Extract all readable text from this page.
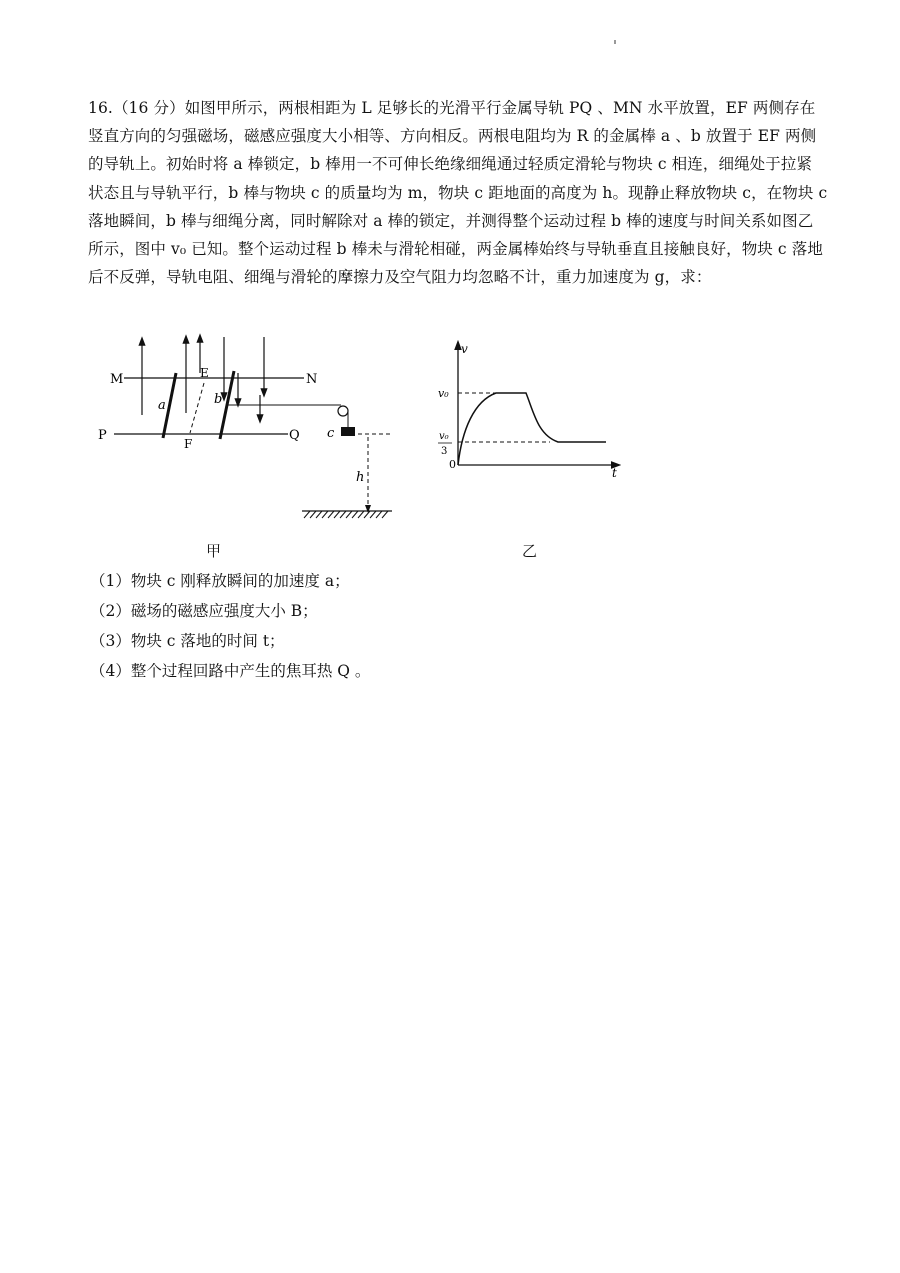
16.（16 分）如图甲所示，两根相距为 L 足够长的光滑平行金属导轨 PQ 、MN 水平放置，EF 两侧存在
竖直方向的匀强磁场，磁感应强度大小相等、方向相反。两根电阻均为 R 的金属棒 a 、b 放置于 EF 两侧
的导轨上。初始时将 a 棒锁定，b 棒用一不可伸长绝缘细绳通过轻质定滑轮与物块 c 相连，细绳处于拉紧
状态且与导轨平行，b 棒与物块 c 的质量均为 m，物块 c 距地面的高度为 h。现静止释放物块 c，在物块 c
落地瞬间，b 棒与细绳分离，同时解除对 a 棒的锁定，并测得整个运动过程 b 棒的速度与时间关系如图乙
所示，图中 v₀ 已知。整个运动过程 b 棒未与滑轮相碰，两金属棒始终与导轨垂直且接触良好，物块 c 落地
后不反弹，导轨电阻、细绳与滑轮的摩擦力及空气阻力均忽略不计，重力加速度为 g，求：

M	N
P	Q
E
F
a	b
c
h
甲
v
t
v₀
v₀
3
0
乙

（1）物块 c 刚释放瞬间的加速度 a；

（2）磁场的磁感应强度大小 B；

（3）物块 c 落地的时间 t；

（4）整个过程回路中产生的焦耳热 Q 。
